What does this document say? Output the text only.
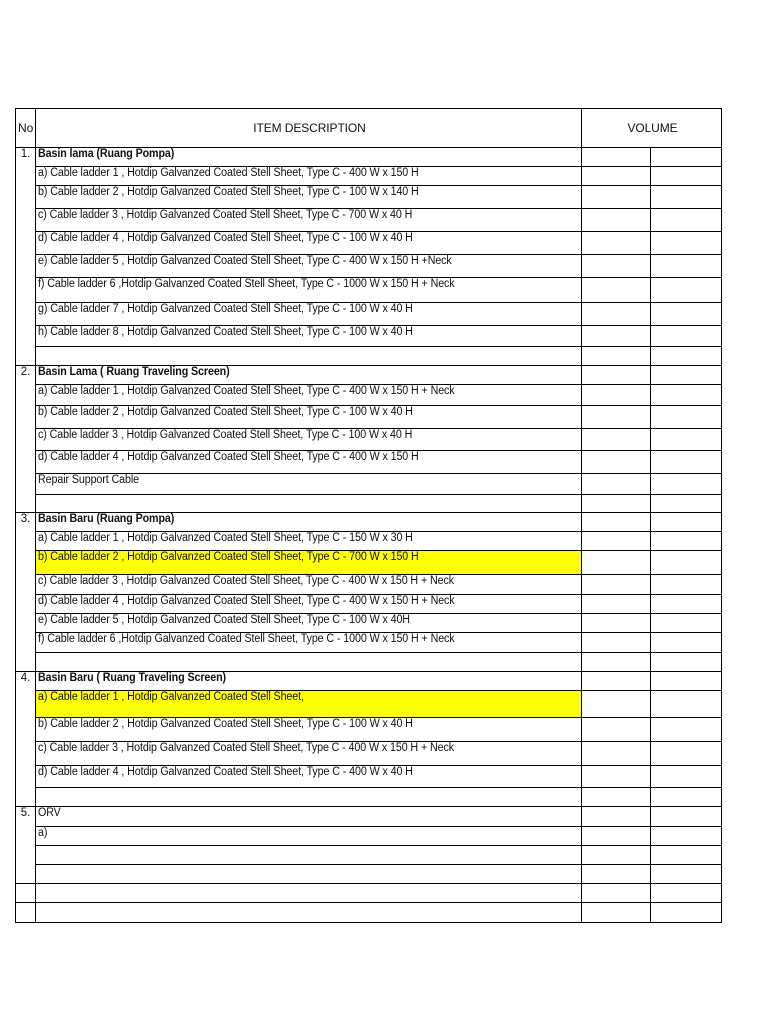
No	ITEM DESCRIPTION	VOLUME	
1.	Basin lama (Ruang Pompa)		
	a) Cable ladder 1 , Hotdip Galvanzed Coated Stell Sheet, Type C - 400 W x 150 H		
	b) Cable ladder 2 , Hotdip Galvanzed Coated Stell Sheet, Type C - 100 W x 140 H		
	c) Cable ladder 3 , Hotdip Galvanzed Coated Stell Sheet, Type C - 700 W x 40 H		
	d) Cable ladder 4 , Hotdip Galvanzed Coated Stell Sheet, Type C - 100 W x 40 H		
	e) Cable ladder 5 , Hotdip Galvanzed Coated Stell Sheet, Type C - 400 W x 150 H +Neck		
	f) Cable ladder 6 ,Hotdip Galvanzed Coated Stell Sheet, Type C - 1000 W x 150 H + Neck		
	g) Cable ladder 7 , Hotdip Galvanzed Coated Stell Sheet, Type C - 100 W x 40 H		
	h) Cable ladder 8 , Hotdip Galvanzed Coated Stell Sheet, Type C - 100 W x 40 H		

2.	Basin Lama ( Ruang Traveling Screen)		
	a) Cable ladder 1 , Hotdip Galvanzed Coated Stell Sheet, Type C - 400 W x 150 H + Neck		
	b) Cable ladder 2 , Hotdip Galvanzed Coated Stell Sheet, Type C - 100 W x 40 H		
	c) Cable ladder 3 , Hotdip Galvanzed Coated Stell Sheet, Type C - 100 W x 40 H		
	d) Cable ladder 4 , Hotdip Galvanzed Coated Stell Sheet, Type C - 400 W x 150 H		
	Repair Support Cable		

3.	Basin Baru (Ruang Pompa)		
	a) Cable ladder 1 , Hotdip Galvanzed Coated Stell Sheet, Type C - 150 W x 30 H		
	b) Cable ladder 2 , Hotdip Galvanzed Coated Stell Sheet, Type C - 700 W x 150 H		
	c) Cable ladder 3 , Hotdip Galvanzed Coated Stell Sheet, Type C - 400 W x 150 H + Neck		
	d) Cable ladder 4 , Hotdip Galvanzed Coated Stell Sheet, Type C - 400 W x 150 H + Neck		
	e) Cable ladder 5 , Hotdip Galvanzed Coated Stell Sheet, Type C - 100 W x 40H		
	f) Cable ladder 6 ,Hotdip Galvanzed Coated Stell Sheet, Type C - 1000 W x 150 H + Neck		

4.	Basin Baru ( Ruang Traveling Screen)		
	a) Cable ladder 1 , Hotdip Galvanzed Coated Stell Sheet,		
	b) Cable ladder 2 , Hotdip Galvanzed Coated Stell Sheet, Type C - 100 W x 40 H		
	c) Cable ladder 3 , Hotdip Galvanzed Coated Stell Sheet, Type C - 400 W x 150 H + Neck		
	d) Cable ladder 4 , Hotdip Galvanzed Coated Stell Sheet, Type C - 400 W x 40 H		

5.	ORV		
	a)		
